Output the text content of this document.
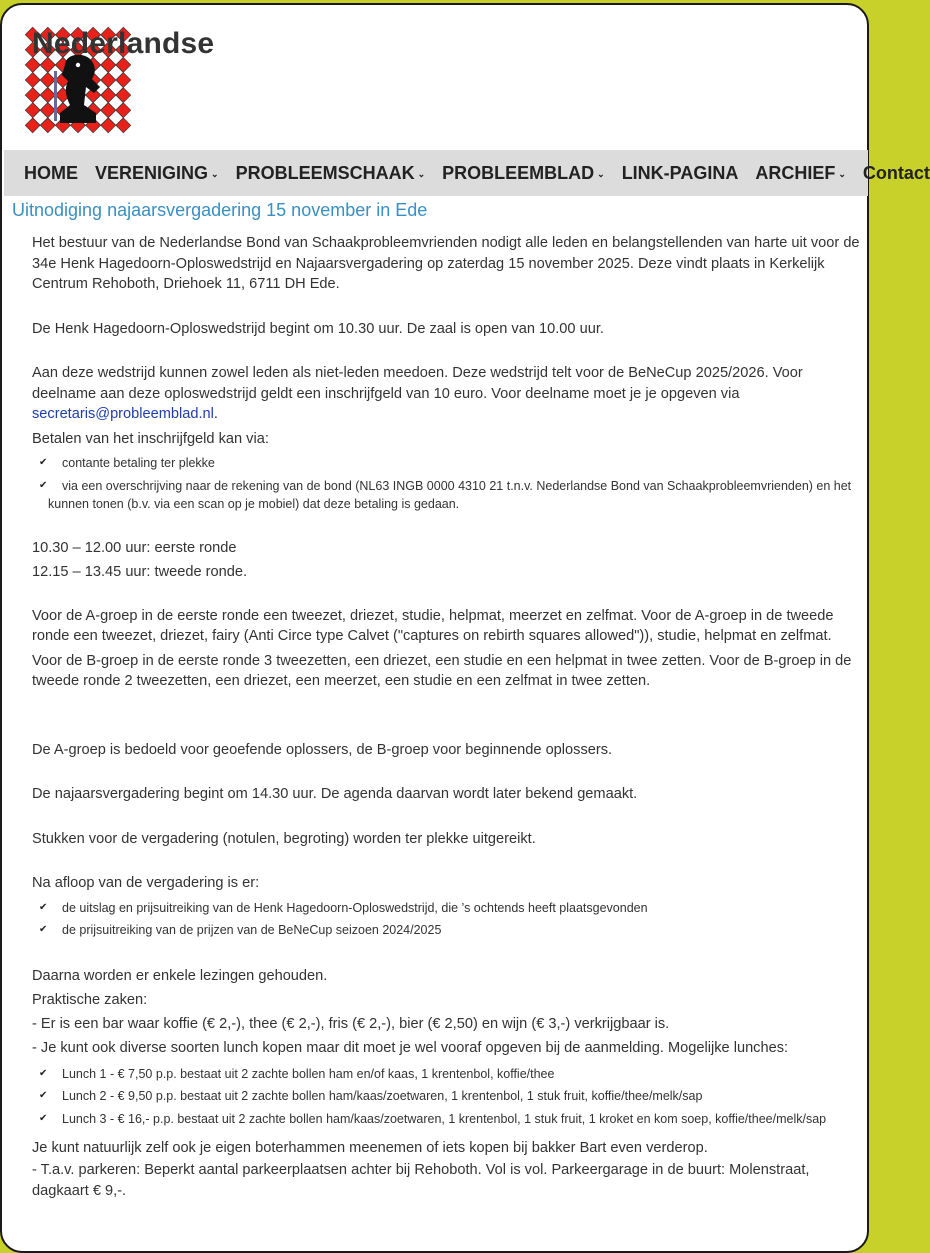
Nederlandse
HOME VERENIGING ⌄ PROBLEEMSCHAAK ⌄ PROBLEEMBLAD ⌄ LINK-PAGINA ARCHIEF ⌄ Contact
Uitnodiging najaarsvergadering 15 november in Ede

Het bestuur van de Nederlandse Bond van Schaakprobleemvrienden nodigt alle leden en belangstellenden van harte uit voor de 34e Henk Hagedoorn-Oploswedstrijd en Najaarsvergadering op zaterdag 15 november 2025. Deze vindt plaats in Kerkelijk Centrum Rehoboth, Driehoek 11, 6711 DH Ede.

De Henk Hagedoorn-Oploswedstrijd begint om 10.30 uur. De zaal is open van 10.00 uur.

Aan deze wedstrijd kunnen zowel leden als niet-leden meedoen. Deze wedstrijd telt voor de BeNeCup 2025/2026. Voor deelname aan deze oploswedstrijd geldt een inschrijfgeld van 10 euro. Voor deelname moet je je opgeven via secretaris@probleemblad.nl.

Betalen van het inschrijfgeld kan via:

✔ contante betaling ter plekke
✔ via een overschrijving naar de rekening van de bond (NL63 INGB 0000 4310 21 t.n.v. Nederlandse Bond van Schaakprobleemvrienden) en het kunnen tonen (b.v. via een scan op je mobiel) dat deze betaling is gedaan.

10.30 – 12.00 uur: eerste ronde

12.15 – 13.45 uur: tweede ronde.

Voor de A-groep in de eerste ronde een tweezet, driezet, studie, helpmat, meerzet en zelfmat. Voor de A-groep in de tweede ronde een tweezet, driezet, fairy (Anti Circe type Calvet ("captures on rebirth squares allowed")), studie, helpmat en zelfmat.

Voor de B-groep in de eerste ronde 3 tweezetten, een driezet, een studie en een helpmat in twee zetten. Voor de B-groep in de tweede ronde 2 tweezetten, een driezet, een meerzet, een studie en een zelfmat in twee zetten.

De A-groep is bedoeld voor geoefende oplossers, de B-groep voor beginnende oplossers.

De najaarsvergadering begint om 14.30 uur. De agenda daarvan wordt later bekend gemaakt.

Stukken voor de vergadering (notulen, begroting) worden ter plekke uitgereikt.

Na afloop van de vergadering is er:

✔ de uitslag en prijsuitreiking van de Henk Hagedoorn-Oploswedstrijd, die ’s ochtends heeft plaatsgevonden
✔ de prijsuitreiking van de prijzen van de BeNeCup seizoen 2024/2025

Daarna worden er enkele lezingen gehouden.

Praktische zaken:

- Er is een bar waar koffie (€ 2,-), thee (€ 2,-), fris (€ 2,-), bier (€ 2,50) en wijn (€ 3,-) verkrijgbaar is.

- Je kunt ook diverse soorten lunch kopen maar dit moet je wel vooraf opgeven bij de aanmelding. Mogelijke lunches:

✔ Lunch 1 - € 7,50 p.p. bestaat uit 2 zachte bollen ham en/of kaas, 1 krentenbol, koffie/thee
✔ Lunch 2 - € 9,50 p.p. bestaat uit 2 zachte bollen ham/kaas/zoetwaren, 1 krentenbol, 1 stuk fruit, koffie/thee/melk/sap
✔ Lunch 3 - € 16,- p.p. bestaat uit 2 zachte bollen ham/kaas/zoetwaren, 1 krentenbol, 1 stuk fruit, 1 kroket en kom soep, koffie/thee/melk/sap

Je kunt natuurlijk zelf ook je eigen boterhammen meenemen of iets kopen bij bakker Bart even verderop.

- T.a.v. parkeren: Beperkt aantal parkeerplaatsen achter bij Rehoboth. Vol is vol. Parkeergarage in de buurt: Molenstraat, dagkaart € 9,-.
